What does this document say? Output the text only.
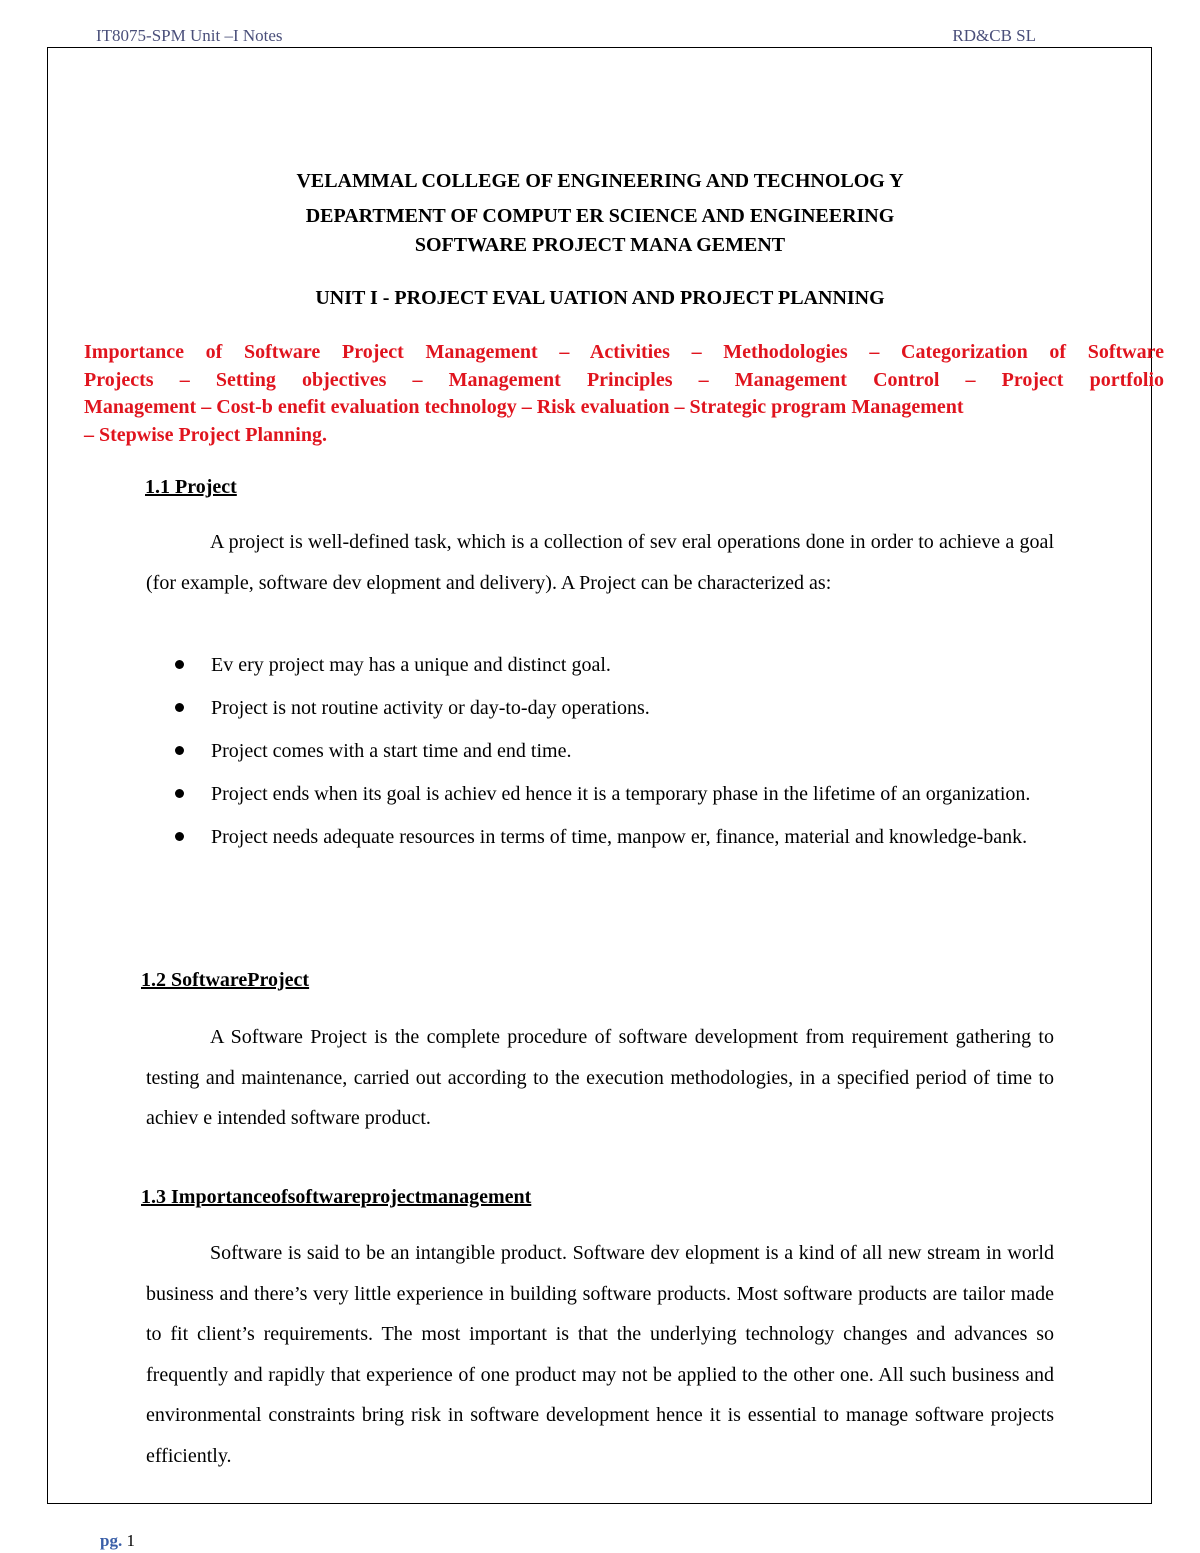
IT8075-SPM Unit –I Notes	RD&CB SL
VELAMMAL COLLEGE OF ENGINEERING AND TECHNOLOG Y
DEPARTMENT OF COMPUT ER SCIENCE AND ENGINEERING
SOFTWARE PROJECT MANA GEMENT
UNIT I - PROJECT EVAL UATION AND PROJECT PLANNING
Importance of Software Project Management – Activities – Methodologies – Categorization of Software
Projects – Setting objectives – Management Principles – Management Control – Project portfolio
Management – Cost-b enefit evaluation technology – Risk evaluation – Strategic program Management
– Stepwise Project Planning.
1.1 Project
A project is well-defined task, which is a collection of sev eral operations done in order to achieve a goal (for example, software dev elopment and delivery). A Project can be characterized as:
Ev ery project may has a unique and distinct goal.
Project is not routine activity or day-to-day operations.
Project comes with a start time and end time.
Project ends when its goal is achiev ed hence it is a temporary phase in the lifetime of an organization.
Project needs adequate resources in terms of time, manpow er, finance, material and knowledge-bank.
1.2 SoftwareProject
A Software Project is the complete procedure of software development from requirement gathering to testing and maintenance, carried out according to the execution methodologies, in a specified period of time to achiev e intended software product.
1.3 Importanceofsoftwareprojectmanagement
Software is said to be an intangible product. Software dev elopment is a kind of all new stream in world business and there’s very little experience in building software products. Most software products are tailor made to fit client’s requirements. The most important is that the underlying technology changes and advances so frequently and rapidly that experience of one product may not be applied to the other one. All such business and environmental constraints bring risk in software development hence it is essential to manage software projects efficiently.
pg. 1
